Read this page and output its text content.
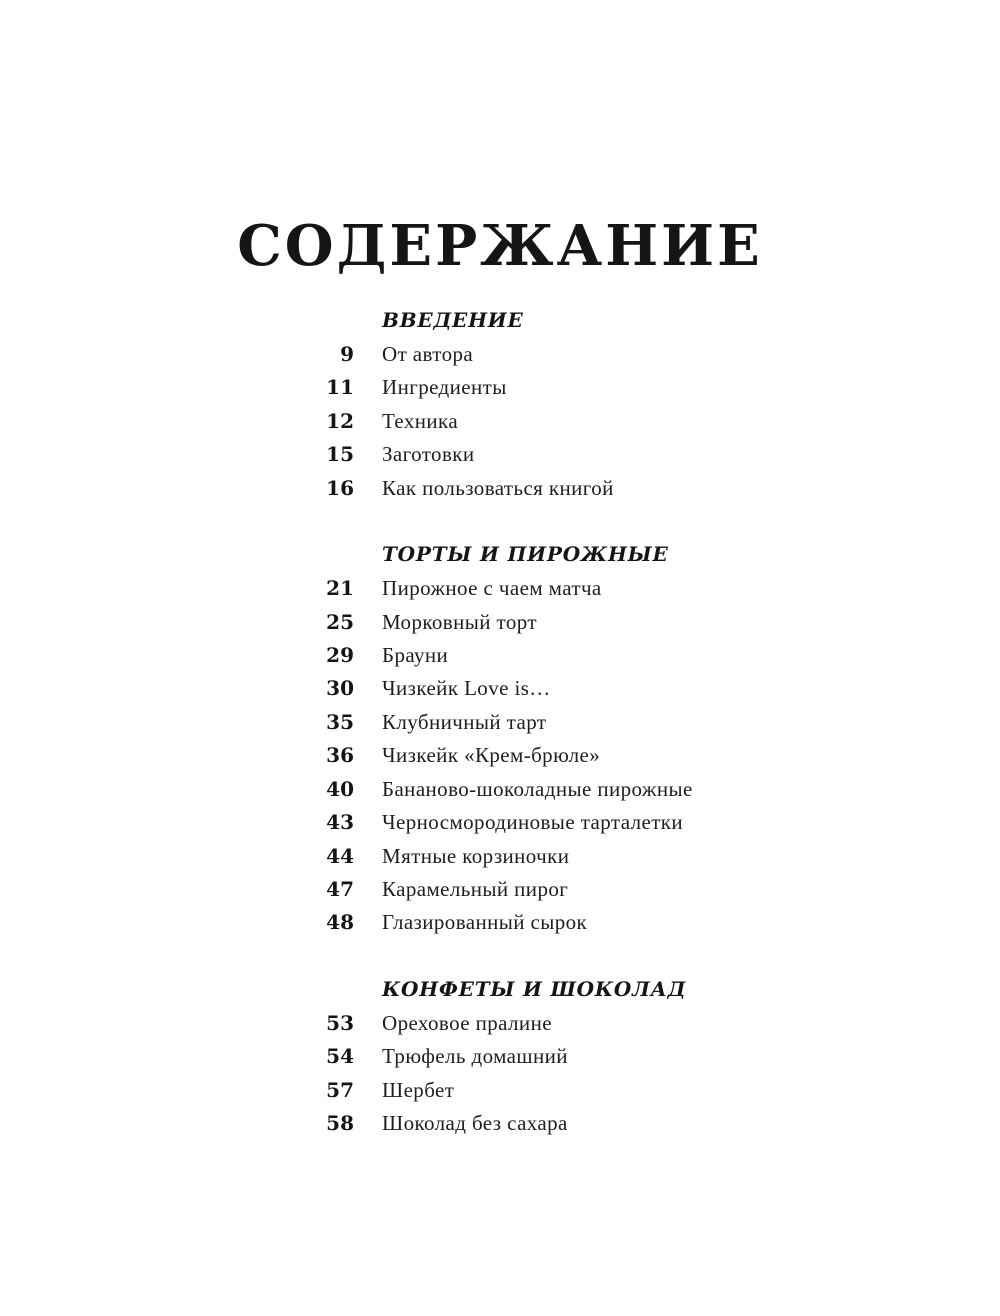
СОДЕРЖАНИЕ
ВВЕДЕНИЕ
9 От автора
11 Ингредиенты
12 Техника
15 Заготовки
16 Как пользоваться книгой
ТОРТЫ И ПИРОЖНЫЕ
21 Пирожное с чаем матча
25 Морковный торт
29 Брауни
30 Чизкейк Love is…
35 Клубничный тарт
36 Чизкейк «Крем-брюле»
40 Бананово-шоколадные пирожные
43 Черносмородиновые тарталетки
44 Мятные корзиночки
47 Карамельный пирог
48 Глазированный сырок
КОНФЕТЫ И ШОКОЛАД
53 Ореховое пралине
54 Трюфель домашний
57 Шербет
58 Шоколад без сахара
